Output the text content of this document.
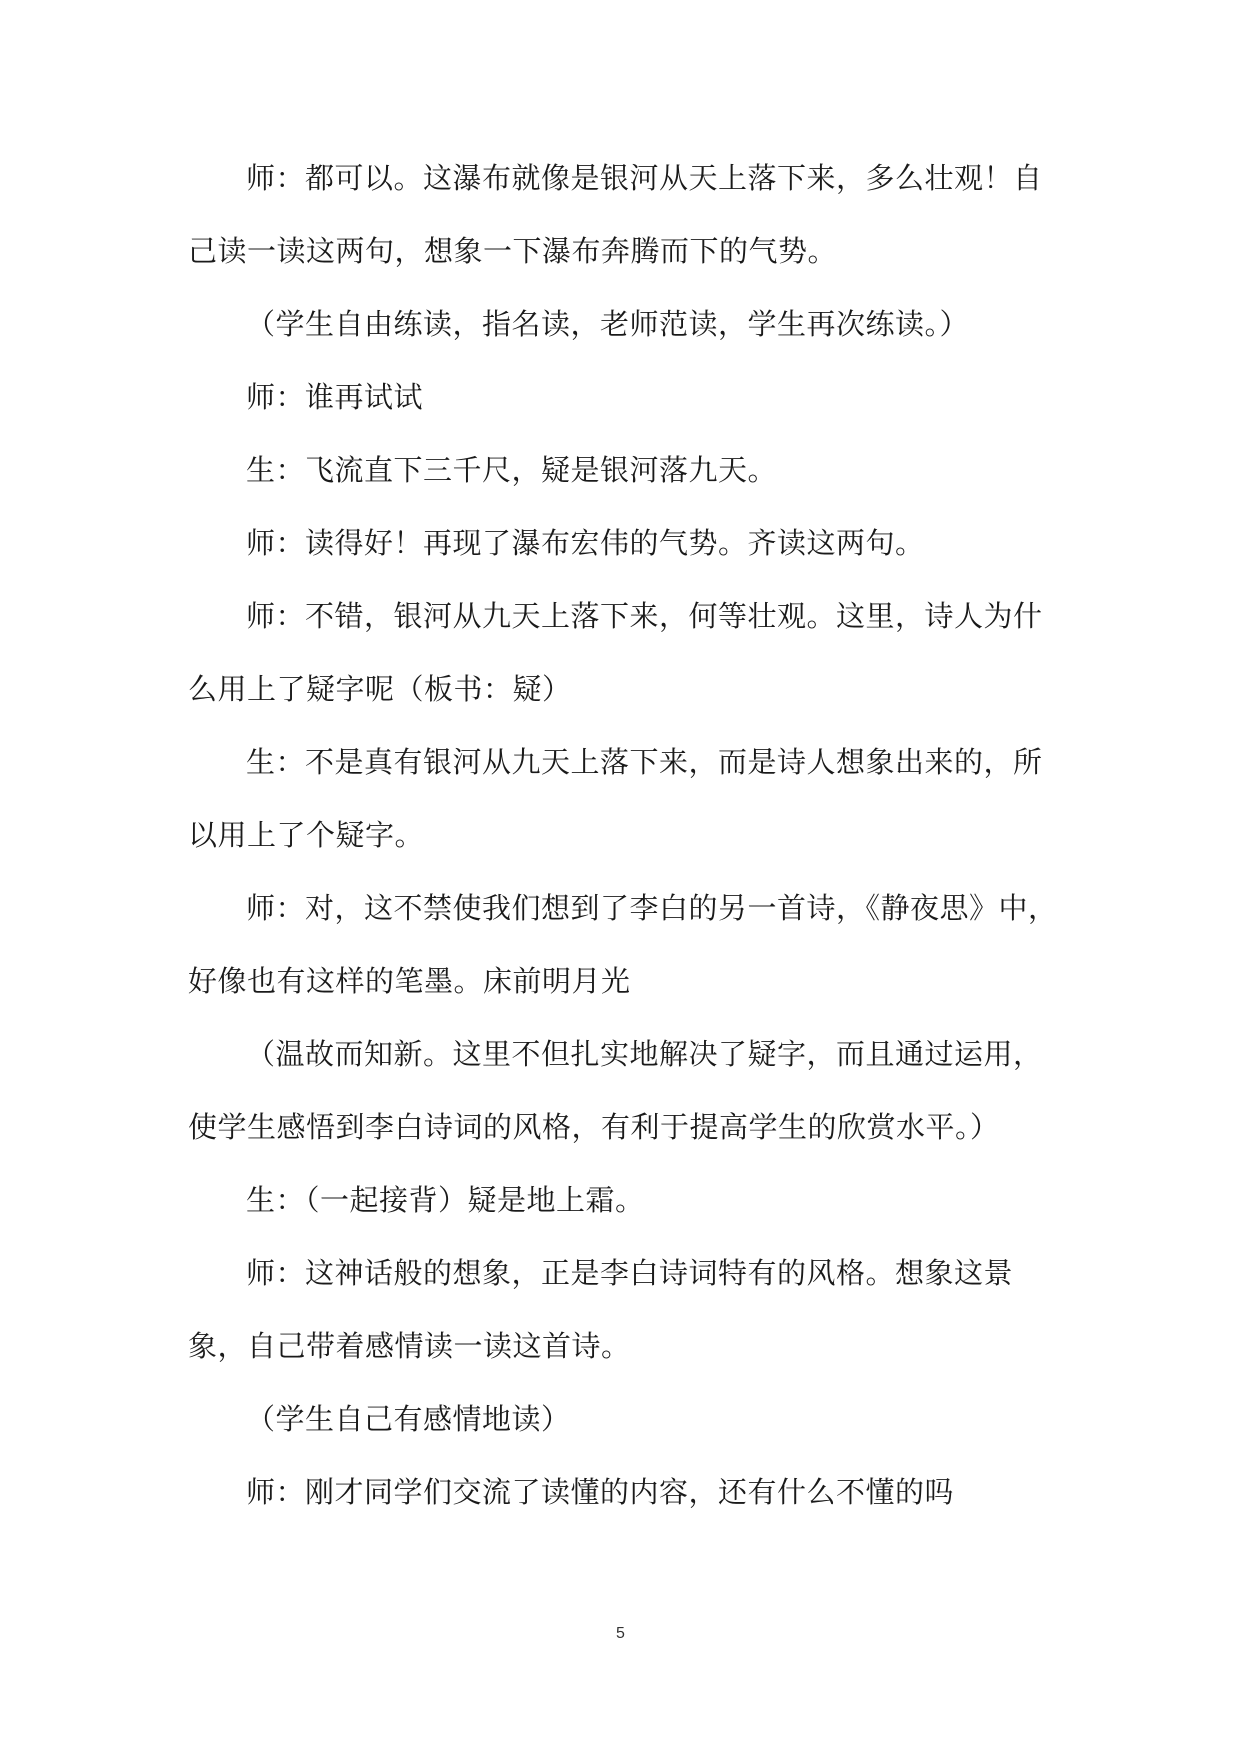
师：都可以。这瀑布就像是银河从天上落下来，多么壮观！自己读一读这两句，想象一下瀑布奔腾而下的气势。

（学生自由练读，指名读，老师范读，学生再次练读。）

师：谁再试试

生：飞流直下三千尺，疑是银河落九天。

师：读得好！再现了瀑布宏伟的气势。齐读这两句。

师：不错，银河从九天上落下来，何等壮观。这里，诗人为什么用上了疑字呢（板书：疑）

生：不是真有银河从九天上落下来，而是诗人想象出来的，所以用上了个疑字。

师：对，这不禁使我们想到了李白的另一首诗，《静夜思》中，好像也有这样的笔墨。床前明月光

（温故而知新。这里不但扎实地解决了疑字，而且通过运用，使学生感悟到李白诗词的风格，有利于提高学生的欣赏水平。）

生：（一起接背）疑是地上霜。

师：这神话般的想象，正是李白诗词特有的风格。想象这景象，自己带着感情读一读这首诗。

（学生自己有感情地读）

师：刚才同学们交流了读懂的内容，还有什么不懂的吗

5
